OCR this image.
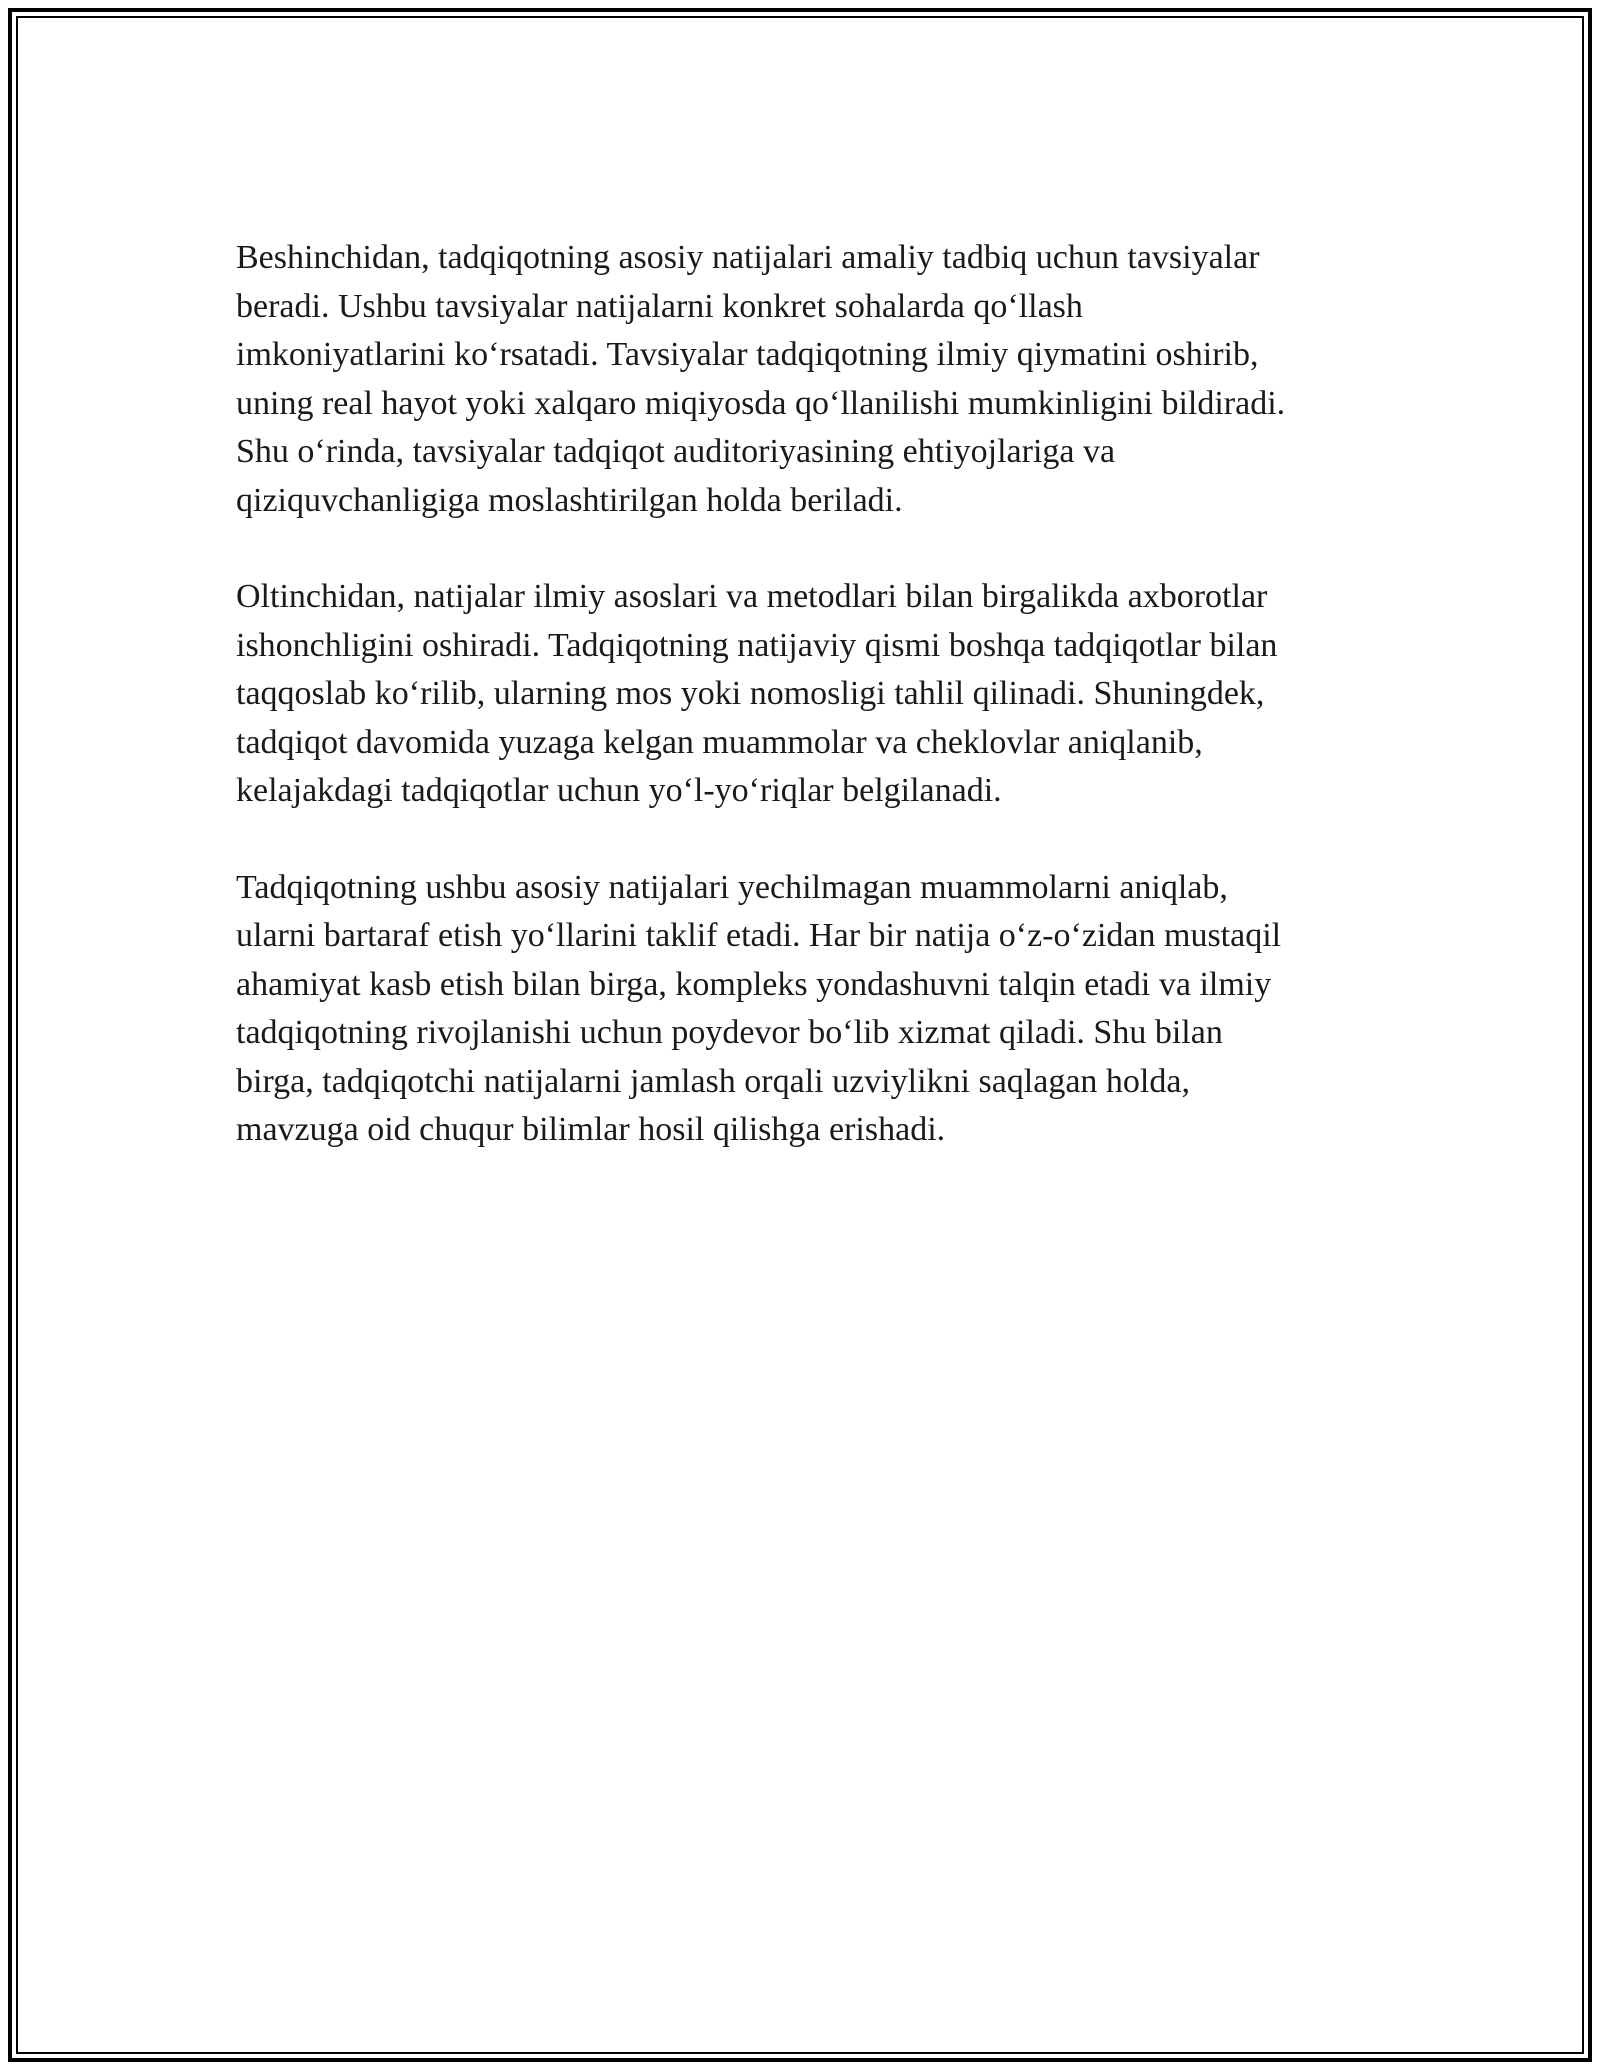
Beshinchidan, tadqiqotning asosiy natijalari amaliy tadbiq uchun tavsiyalar
beradi. Ushbu tavsiyalar natijalarni konkret sohalarda qo‘llash
imkoniyatlarini ko‘rsatadi. Tavsiyalar tadqiqotning ilmiy qiymatini oshirib,
uning real hayot yoki xalqaro miqiyosda qo‘llanilishi mumkinligini bildiradi.
Shu o‘rinda, tavsiyalar tadqiqot auditoriyasining ehtiyojlariga va
qiziquvchanligiga moslashtirilgan holda beriladi.

Oltinchidan, natijalar ilmiy asoslari va metodlari bilan birgalikda axborotlar
ishonchligini oshiradi. Tadqiqotning natijaviy qismi boshqa tadqiqotlar bilan
taqqoslab ko‘rilib, ularning mos yoki nomosligi tahlil qilinadi. Shuningdek,
tadqiqot davomida yuzaga kelgan muammolar va cheklovlar aniqlanib,
kelajakdagi tadqiqotlar uchun yo‘l-yo‘riqlar belgilanadi.

Tadqiqotning ushbu asosiy natijalari yechilmagan muammolarni aniqlab,
ularni bartaraf etish yo‘llarini taklif etadi. Har bir natija o‘z-o‘zidan mustaqil
ahamiyat kasb etish bilan birga, kompleks yondashuvni talqin etadi va ilmiy
tadqiqotning rivojlanishi uchun poydevor bo‘lib xizmat qiladi. Shu bilan
birga, tadqiqotchi natijalarni jamlash orqali uzviylikni saqlagan holda,
mavzuga oid chuqur bilimlar hosil qilishga erishadi.
